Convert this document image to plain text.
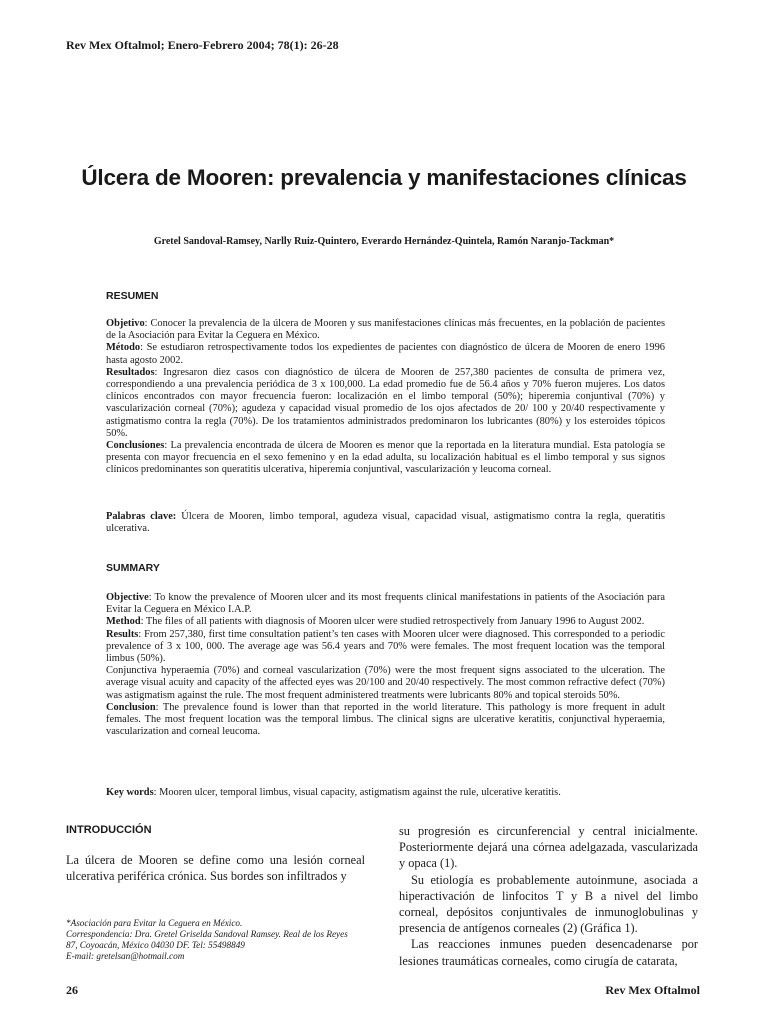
Rev Mex Oftalmol; Enero-Febrero 2004; 78(1): 26-28
Úlcera de Mooren: prevalencia y manifestaciones clínicas
Gretel Sandoval-Ramsey, Narlly Ruiz-Quintero, Everardo Hernández-Quintela, Ramón Naranjo-Tackman*
RESUMEN

Objetivo: Conocer la prevalencia de la úlcera de Mooren y sus manifestaciones clínicas más frecuentes, en la población de pacientes de la Asociación para Evitar la Ceguera en México.

Método: Se estudiaron retrospectivamente todos los expedientes de pacientes con diagnóstico de úlcera de Mooren de enero 1996 hasta agosto 2002.

Resultados: Ingresaron diez casos con diagnóstico de úlcera de Mooren de 257,380 pacientes de consulta de primera vez, correspondiendo a una prevalencia periódica de 3 x 100,000. La edad promedio fue de 56.4 años y 70% fueron mujeres. Los datos clínicos encontrados con mayor frecuencia fueron: localización en el limbo temporal (50%); hiperemia conjuntival (70%) y vascularización corneal (70%); agudeza y capacidad visual promedio de los ojos afectados de 20/ 100 y 20/40 respectivamente y astigmatismo contra la regla (70%). De los tratamientos administrados predominaron los lubricantes (80%) y los esteroides tópicos 50%.

Conclusiones: La prevalencia encontrada de úlcera de Mooren es menor que la reportada en la literatura mundial. Esta patología se presenta con mayor frecuencia en el sexo femenino y en la edad adulta, su localización habitual es el limbo temporal y sus signos clínicos predominantes son queratitis ulcerativa, hiperemia conjuntival, vascularización y leucoma corneal.

Palabras clave: Úlcera de Mooren, limbo temporal, agudeza visual, capacidad visual, astigmatismo contra la regla, queratitis ulcerativa.

SUMMARY

Objective: To know the prevalence of Mooren ulcer and its most frequents clinical manifestations in patients of the Asociación para Evitar la Ceguera en México I.A.P.

Method: The files of all patients with diagnosis of Mooren ulcer were studied retrospectively from January 1996 to August 2002.

Results: From 257,380, first time consultation patient’s ten cases with Mooren ulcer were diagnosed. This corresponded to a periodic prevalence of 3 x 100, 000. The average age was 56.4 years and 70% were females. The most frequent location was the temporal limbus (50%).

Conjunctiva hyperaemia (70%) and corneal vascularization (70%) were the most frequent signs associated to the ulceration. The average visual acuity and capacity of the affected eyes was 20/100 and 20/40 respectively. The most common refractive defect (70%) was astigmatism against the rule. The most frequent administered treatments were lubricants 80% and topical steroids 50%.

Conclusion: The prevalence found is lower than that reported in the world literature. This pathology is more frequent in adult females. The most frequent location was the temporal limbus. The clinical signs are ulcerative keratitis, conjunctival hyperaemia, vascularization and corneal leucoma.

Key words: Mooren ulcer, temporal limbus, visual capacity, astigmatism against the rule, ulcerative keratitis.

INTRODUCCIÓN

La úlcera de Mooren se define como una lesión corneal ulcerativa periférica crónica. Sus bordes son infiltrados y

su progresión es circunferencial y central inicialmente. Posteriormente dejará una córnea adelgazada, vascularizada y opaca (1).

Su etiología es probablemente autoinmune, asociada a hiperactivación de linfocitos T y B a nivel del limbo corneal, depósitos conjuntivales de inmunoglobulinas y presencia de antígenos corneales (2) (Gráfica 1).

Las reacciones inmunes pueden desencadenarse por lesiones traumáticas corneales, como cirugía de catarata,

*Asociación para Evitar la Ceguera en México.
Correspondencia: Dra. Gretel Griselda Sandoval Ramsey. Real de los Reyes
87, Coyoacán, México 04030 DF. Tel: 55498849
E-mail: gretelsan@hotmail.com
26	Rev Mex Oftalmol
